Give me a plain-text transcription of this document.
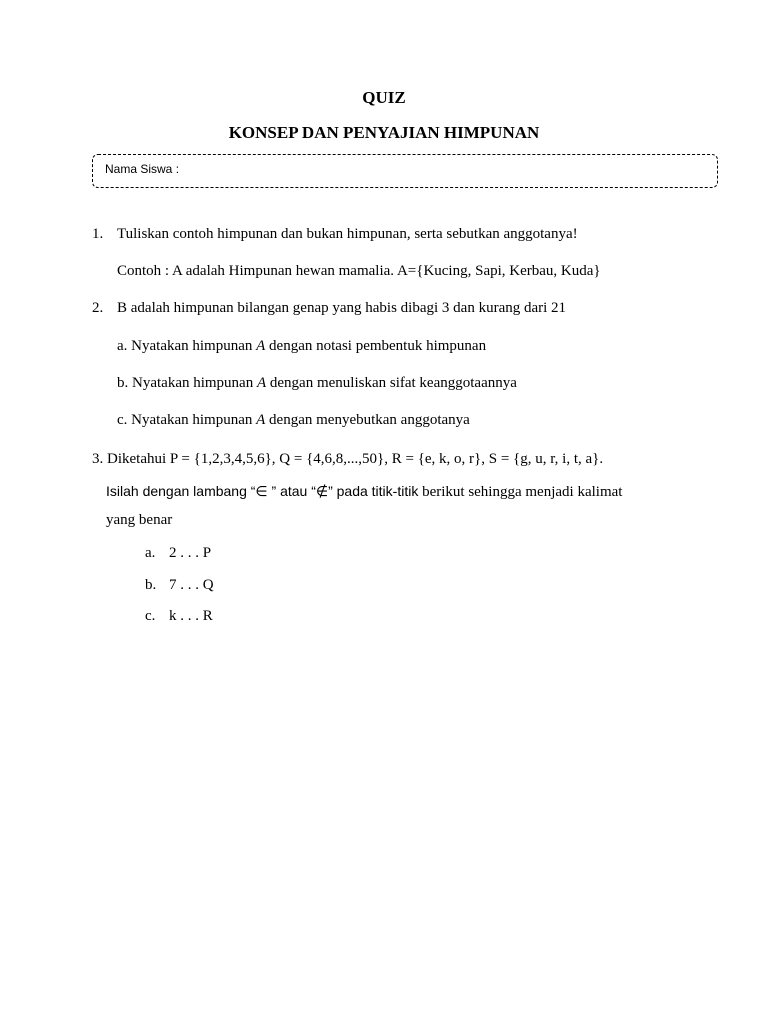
QUIZ
KONSEP DAN PENYAJIAN HIMPUNAN
Nama Siswa :
1. Tuliskan contoh himpunan dan bukan himpunan, serta sebutkan anggotanya!
Contoh : A adalah Himpunan hewan mamalia. A={Kucing, Sapi, Kerbau, Kuda}
2. B adalah himpunan bilangan genap yang habis dibagi 3 dan kurang dari 21
a. Nyatakan himpunan A dengan notasi pembentuk himpunan
b. Nyatakan himpunan A dengan menuliskan sifat keanggotaannya
c. Nyatakan himpunan A dengan menyebutkan anggotanya
3. Diketahui P = {1,2,3,4,5,6}, Q = {4,6,8,...,50}, R = {e, k, o, r}, S = {g, u, r, i, t, a}.
Isilah dengan lambang “∈ ” atau “∉” pada titik-titik berikut sehingga menjadi kalimat
yang benar
a. 2 . . . P
b. 7 . . . Q
c. k . . . R
